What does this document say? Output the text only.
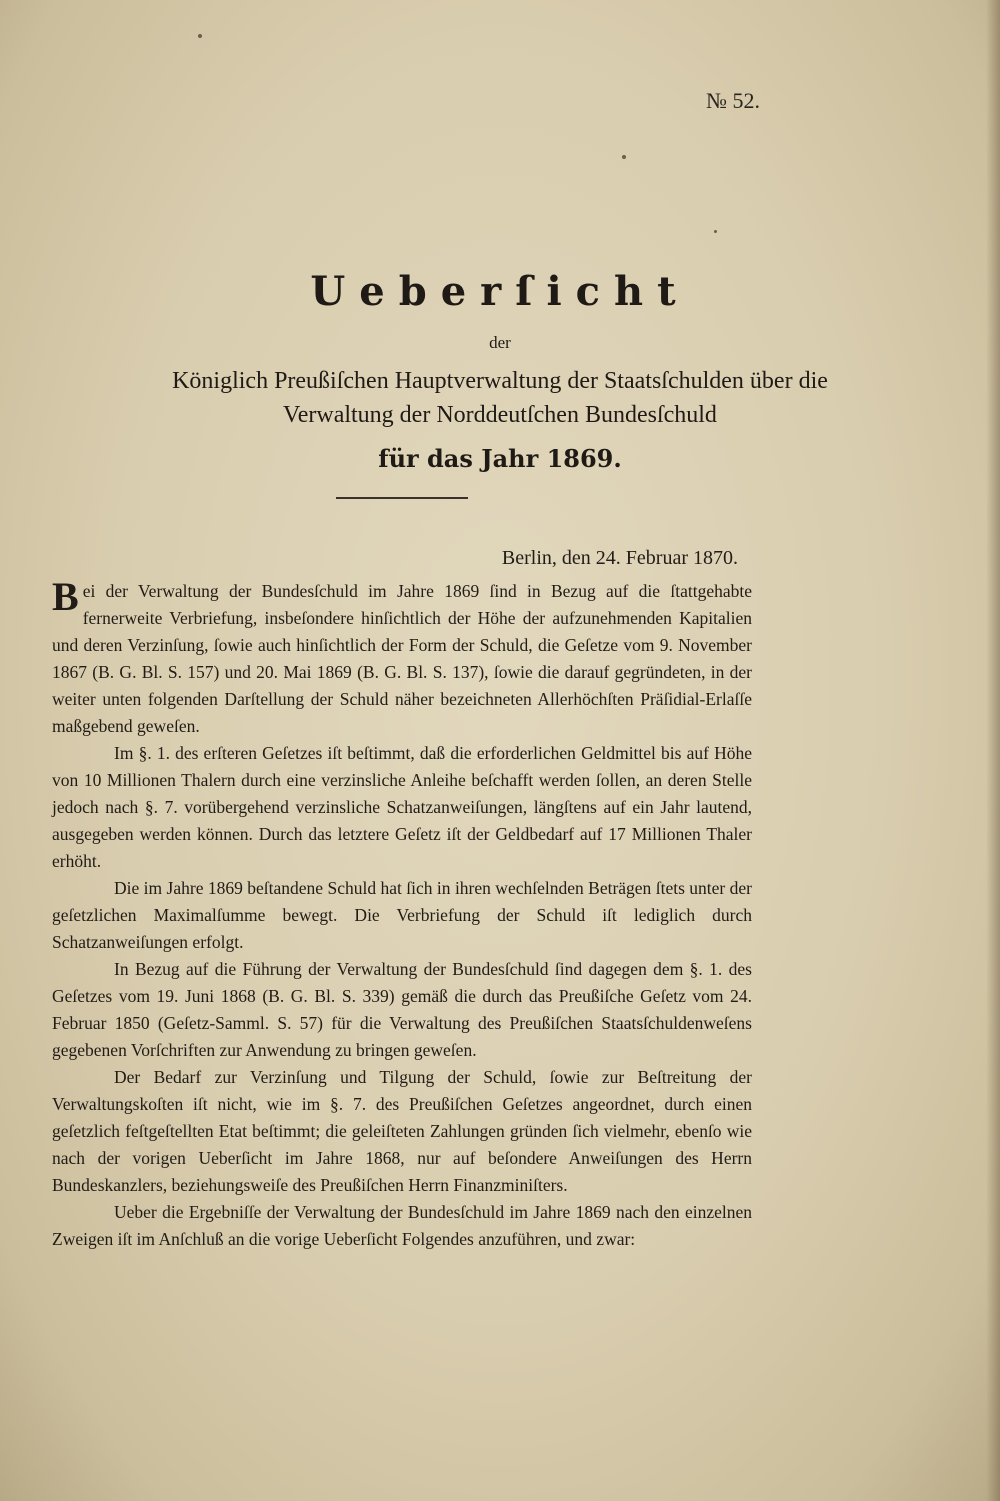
№ 52.
Ueberſicht
der
Königlich Preußiſchen Hauptverwaltung der Staatsſchulden über die
Verwaltung der Norddeutſchen Bundesſchuld
für das Jahr 1869.
Berlin, den 24. Februar 1870.

Bei der Verwaltung der Bundesſchuld im Jahre 1869 ſind in Bezug auf die ſtattgehabte fernerweite Verbriefung, insbeſondere hinſichtlich der Höhe der aufzunehmenden Kapitalien und deren Verzinſung, ſowie auch hinſichtlich der Form der Schuld, die Geſetze vom 9. November 1867 (B. G. Bl. S. 157) und 20. Mai 1869 (B. G. Bl. S. 137), ſowie die darauf gegründeten, in der weiter unten folgenden Darſtellung der Schuld näher bezeichneten Allerhöchſten Präſidial-Erlaſſe maßgebend geweſen.

Im §. 1. des erſteren Geſetzes iſt beſtimmt, daß die erforderlichen Geldmittel bis auf Höhe von 10 Millionen Thalern durch eine verzinsliche Anleihe beſchafft werden ſollen, an deren Stelle jedoch nach §. 7. vorübergehend verzinsliche Schatzanweiſungen, längſtens auf ein Jahr lautend, ausgegeben werden können. Durch das letztere Geſetz iſt der Geldbedarf auf 17 Millionen Thaler erhöht.

Die im Jahre 1869 beſtandene Schuld hat ſich in ihren wechſelnden Beträgen ſtets unter der geſetzlichen Maximalſumme bewegt. Die Verbriefung der Schuld iſt lediglich durch Schatzanweiſungen erfolgt.

In Bezug auf die Führung der Verwaltung der Bundesſchuld ſind dagegen dem §. 1. des Geſetzes vom 19. Juni 1868 (B. G. Bl. S. 339) gemäß die durch das Preußiſche Geſetz vom 24. Februar 1850 (Geſetz-Samml. S. 57) für die Verwaltung des Preußiſchen Staatsſchuldenweſens gegebenen Vorſchriften zur Anwendung zu bringen geweſen.

Der Bedarf zur Verzinſung und Tilgung der Schuld, ſowie zur Beſtreitung der Verwaltungskoſten iſt nicht, wie im §. 7. des Preußiſchen Geſetzes angeordnet, durch einen geſetzlich feſtgeſtellten Etat beſtimmt; die geleiſteten Zahlungen gründen ſich vielmehr, ebenſo wie nach der vorigen Ueberſicht im Jahre 1868, nur auf beſondere Anweiſungen des Herrn Bundeskanzlers, beziehungsweiſe des Preußiſchen Herrn Finanzminiſters.

Ueber die Ergebniſſe der Verwaltung der Bundesſchuld im Jahre 1869 nach den einzelnen Zweigen iſt im Anſchluß an die vorige Ueberſicht Folgendes anzuführen, und zwar:
